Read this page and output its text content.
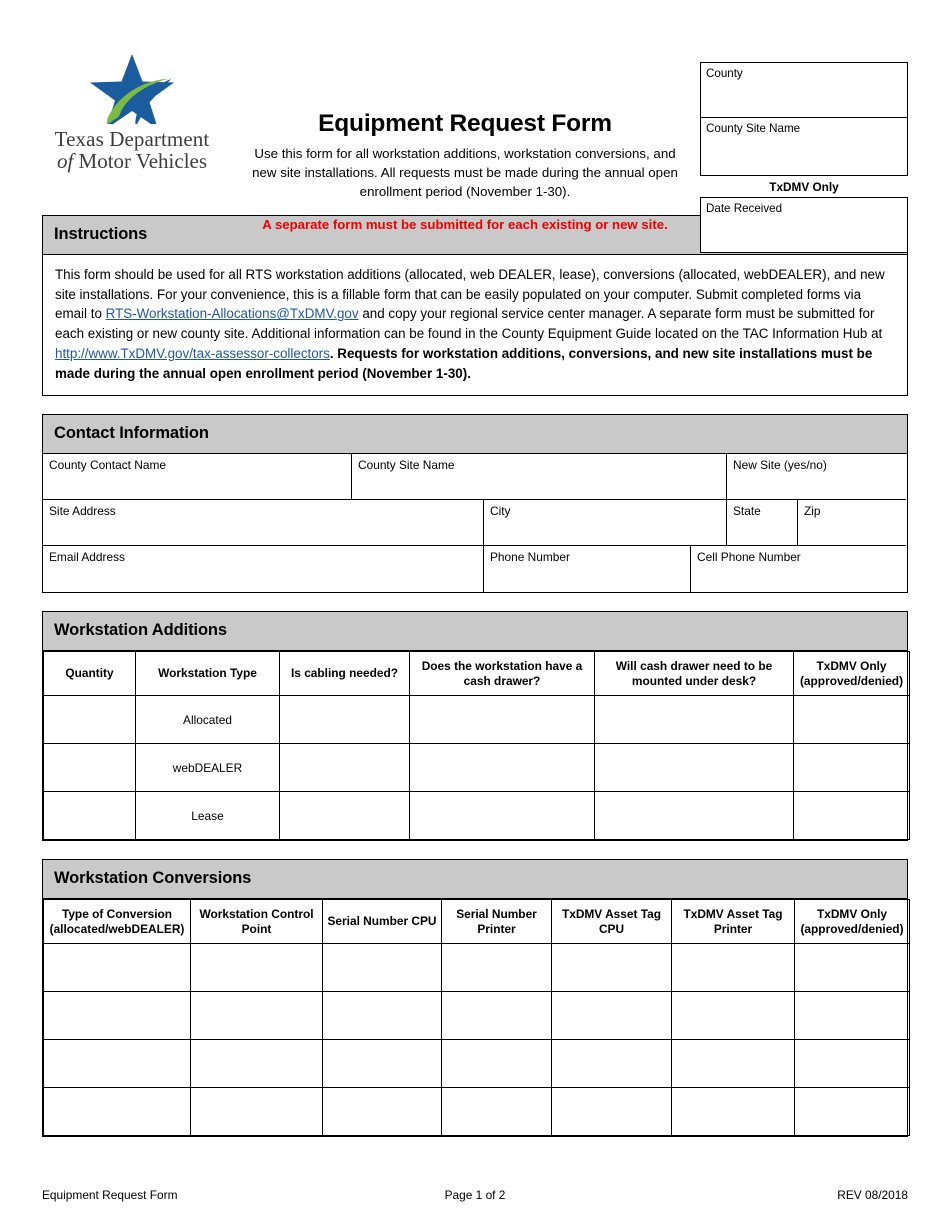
Texas Department
of Motor Vehicles
Equipment Request Form

Use this form for all workstation additions, workstation conversions, and new site installations. All requests must be made during the annual open enrollment period (November 1-30).

A separate form must be submitted for each existing or new site.

County
County Site Name
TxDMV Only
Date Received
Instructions
This form should be used for all RTS workstation additions (allocated, web DEALER, lease), conversions (allocated, webDEALER), and new site installations. For your convenience, this is a fillable form that can be easily populated on your computer. Submit completed forms via email to RTS-Workstation-Allocations@TxDMV.gov and copy your regional service center manager. A separate form must be submitted for each existing or new county site. Additional information can be found in the County Equipment Guide located on the TAC Information Hub at http://www.TxDMV.gov/tax-assessor-collectors. Requests for workstation additions, conversions, and new site installations must be made during the annual open enrollment period (November 1-30).
Contact Information
County Contact Name	County Site Name	New Site (yes/no)
Site Address	City	State	Zip
Email Address	Phone Number	Cell Phone Number
Workstation Additions
Quantity	Workstation Type	Is cabling needed?	Does the workstation have a cash drawer?	Will cash drawer need to be mounted under desk?	TxDMV Only (approved/denied)
	Allocated				
	webDEALER				
	Lease				
Workstation Conversions
Type of Conversion (allocated/webDEALER)	Workstation Control Point	Serial Number CPU	Serial Number Printer	TxDMV Asset Tag CPU	TxDMV Asset Tag Printer	TxDMV Only (approved/denied)

Equipment Request Form	Page 1 of 2	REV 08/2018
